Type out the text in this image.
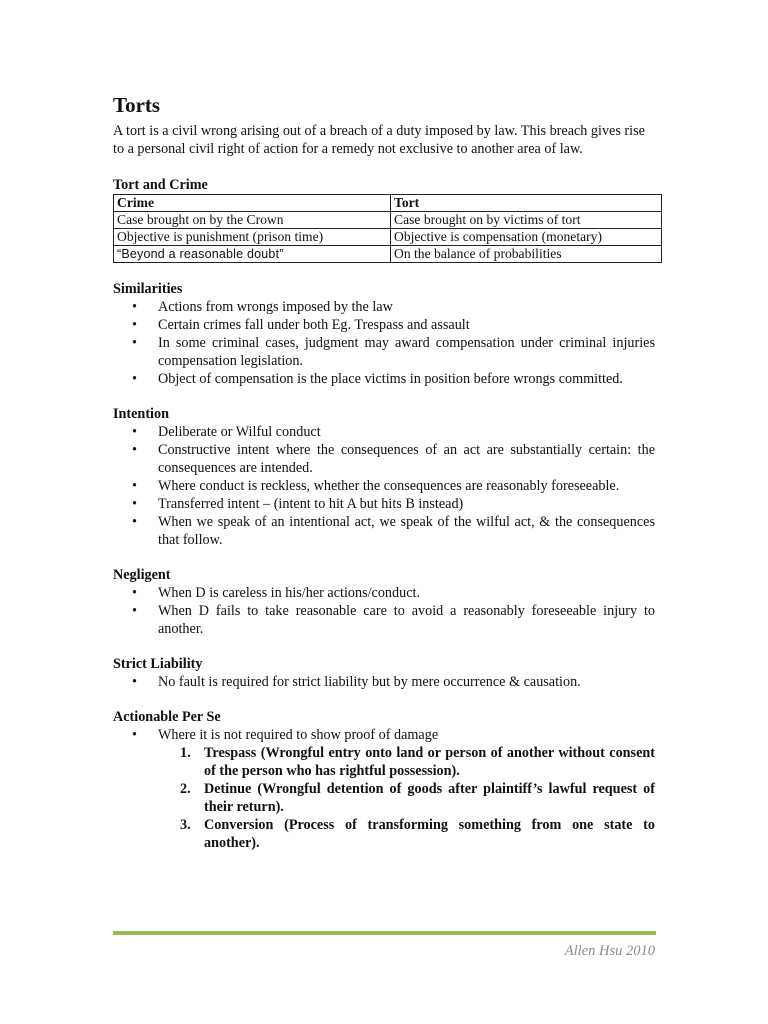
Torts

A tort is a civil wrong arising out of a breach of a duty imposed by law. This breach gives rise to a personal civil right of action for a remedy not exclusive to another area of law.

Tort and Crime
Crime	Tort
Case brought on by the Crown	Case brought on by victims of tort
Objective is punishment (prison time)	Objective is compensation (monetary)
“Beyond a reasonable doubt”	On the balance of probabilities
Similarities
• Actions from wrongs imposed by the law
• Certain crimes fall under both Eg. Trespass and assault
• In some criminal cases, judgment may award compensation under criminal injuries compensation legislation.
• Object of compensation is the place victims in position before wrongs committed.
Intention
• Deliberate or Wilful conduct
• Constructive intent where the consequences of an act are substantially certain: the consequences are intended.
• Where conduct is reckless, whether the consequences are reasonably foreseeable.
• Transferred intent – (intent to hit A but hits B instead)
• When we speak of an intentional act, we speak of the wilful act, & the consequences that follow.
Negligent
• When D is careless in his/her actions/conduct.
• When D fails to take reasonable care to avoid a reasonably foreseeable injury to another.
Strict Liability
• No fault is required for strict liability but by mere occurrence & causation.
Actionable Per Se
• Where it is not required to show proof of damage
1. Trespass (Wrongful entry onto land or person of another without consent of the person who has rightful possession).
2. Detinue (Wrongful detention of goods after plaintiff’s lawful request of their return).
3. Conversion (Process of transforming something from one state to another).
Allen Hsu 2010
